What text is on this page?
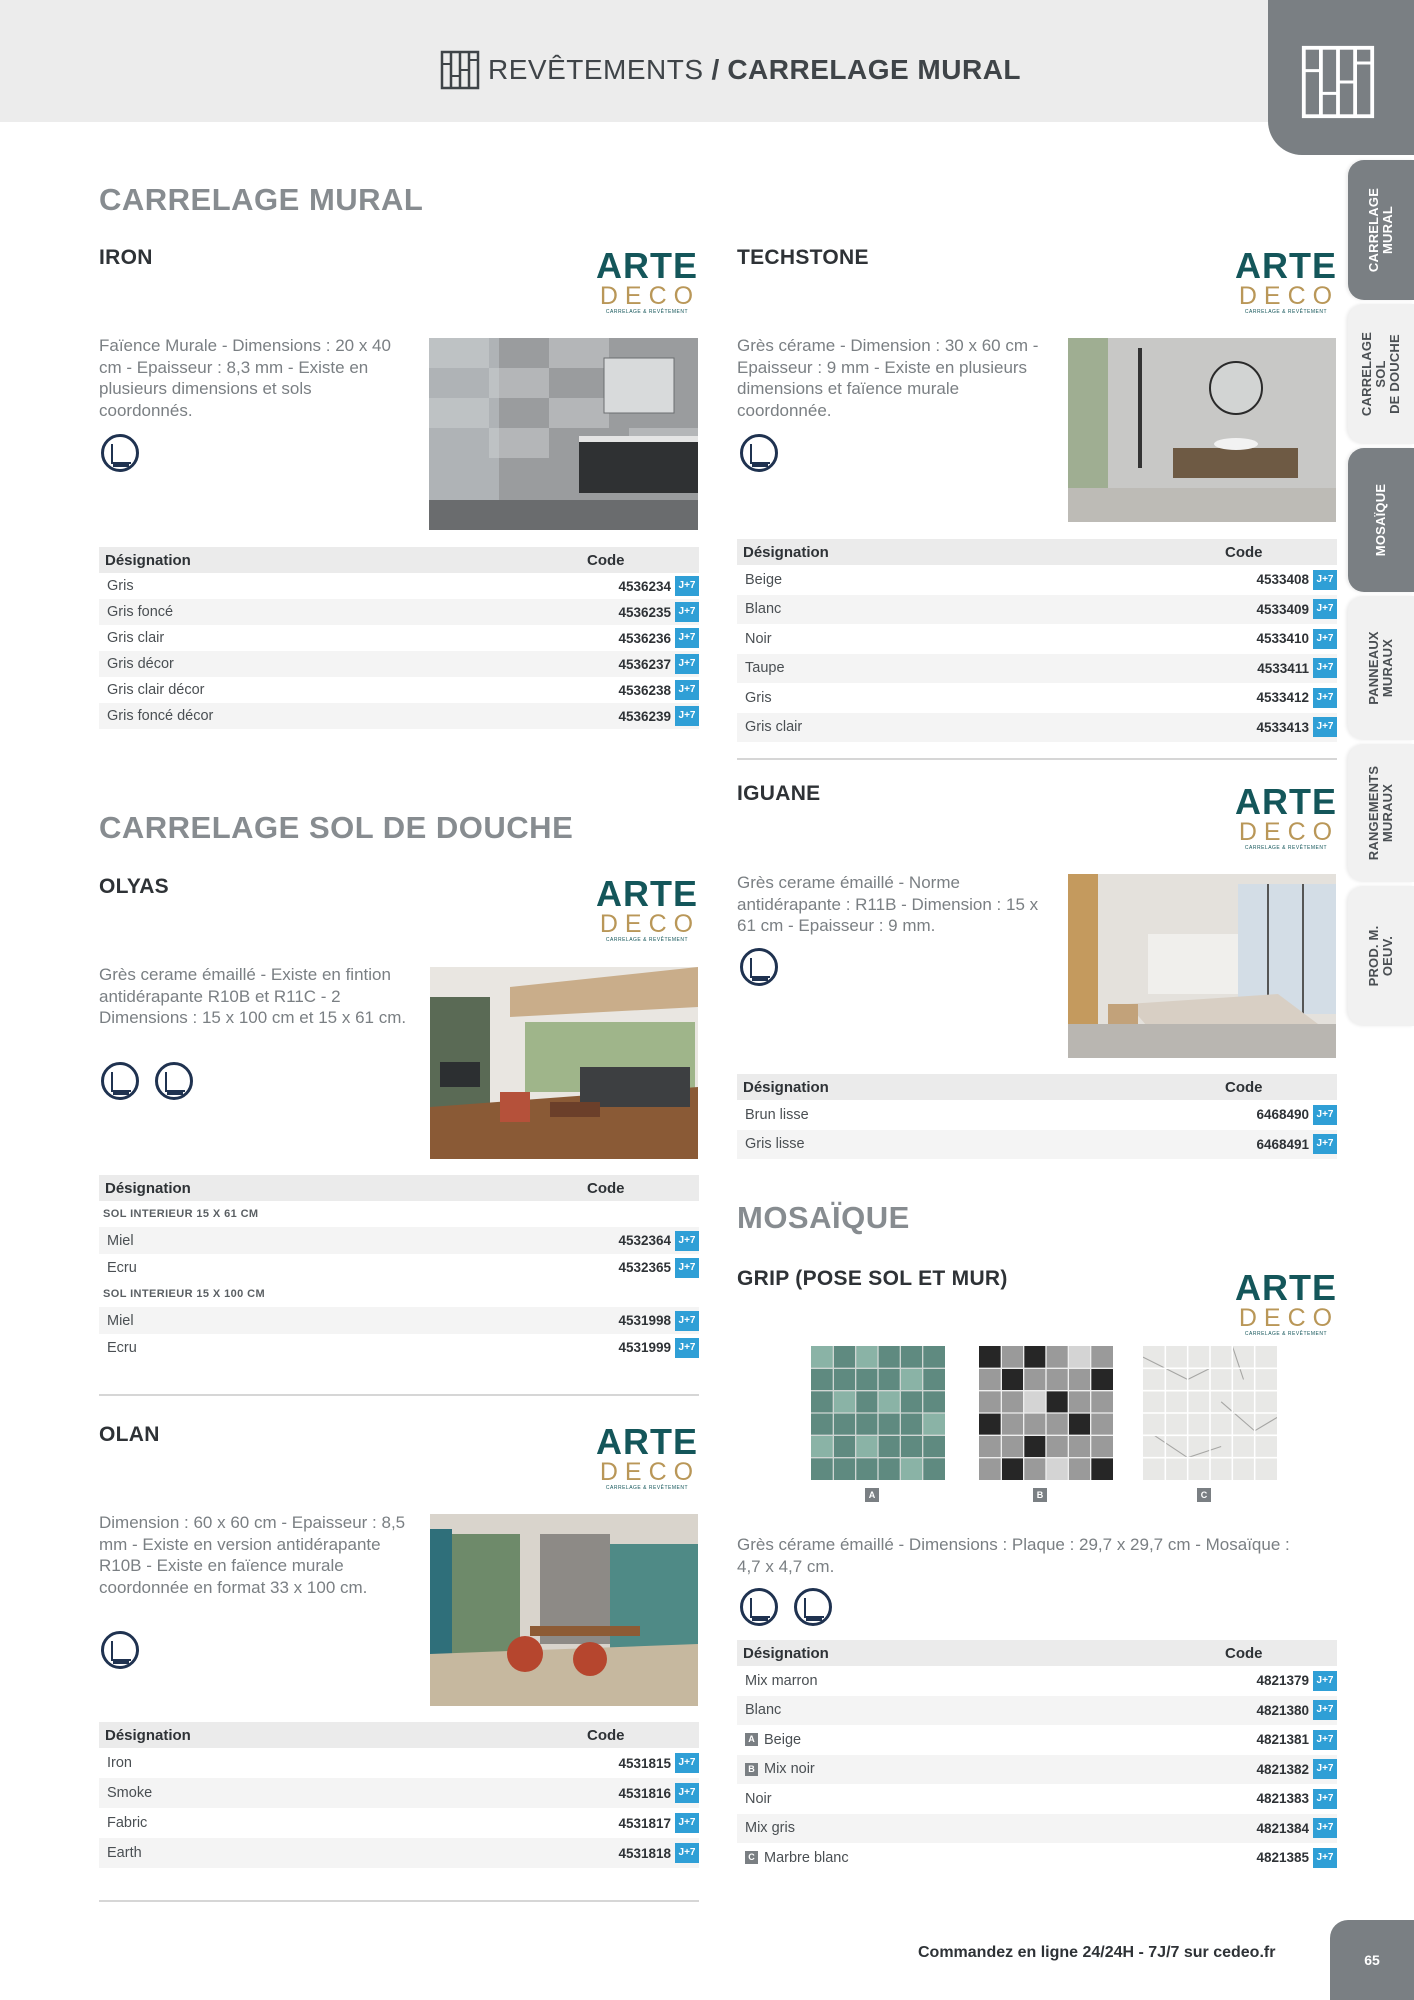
REVÊTEMENTS / CARRELAGE MURAL
CARRELAGE
MURAL
CARRELAGE SOL
DE DOUCHE
MOSAÏQUE
PANNEAUX
MURAUX
RANGEMENTS
MURAUX
PROD. M. OEUV.
CARRELAGE MURAL
IRON	ARTE
DECO
CARRELAGE & REVÊTEMENT
Faïence Murale - Dimensions : 20 x 40 cm - Epaisseur : 8,3 mm - Existe en plusieurs dimensions et sols coordonnés.
Désignation	Code
Gris	4536234 J+7
Gris foncé	4536235 J+7
Gris clair	4536236 J+7
Gris décor	4536237 J+7
Gris clair décor	4536238 J+7
Gris foncé décor	4536239 J+7
CARRELAGE SOL DE DOUCHE
OLYAS	ARTE
DECO
CARRELAGE & REVÊTEMENT
Grès cerame émaillé - Existe en fintion antidérapante R10B et R11C - 2 Dimensions : 15 x 100 cm et 15 x 61 cm.
Désignation	Code
SOL INTERIEUR 15 X 61 CM
Miel	4532364 J+7
Ecru	4532365 J+7
SOL INTERIEUR 15 X 100 CM
Miel	4531998 J+7
Ecru	4531999 J+7
OLAN	ARTE
DECO
CARRELAGE & REVÊTEMENT
Dimension : 60 x 60 cm - Epaisseur : 8,5 mm - Existe en version antidérapante R10B - Existe en faïence murale coordonnée en format 33 x 100 cm.
Désignation	Code
Iron	4531815 J+7
Smoke	4531816 J+7
Fabric	4531817 J+7
Earth	4531818 J+7
TECHSTONE	ARTE
DECO
CARRELAGE & REVÊTEMENT
Grès cérame - Dimension : 30 x 60 cm - Epaisseur : 9 mm - Existe en plusieurs dimensions et faïence murale coordonnée.
Désignation	Code
Beige	4533408 J+7
Blanc	4533409 J+7
Noir	4533410 J+7
Taupe	4533411 J+7
Gris	4533412 J+7
Gris clair	4533413 J+7
IGUANE	ARTE
DECO
CARRELAGE & REVÊTEMENT
Grès cerame émaillé - Norme antidérapante : R11B - Dimension : 15 x 61 cm - Epaisseur : 9 mm.
Désignation	Code
Brun lisse	6468490 J+7
Gris lisse	6468491 J+7
MOSAÏQUE
GRIP (POSE SOL ET MUR)	ARTE
DECO
CARRELAGE & REVÊTEMENT
A	B	C
Grès cérame émaillé - Dimensions : Plaque : 29,7 x 29,7 cm - Mosaïque : 4,7 x 4,7 cm.
Désignation	Code
Mix marron	4821379 J+7
Blanc	4821380 J+7
A Beige	4821381 J+7
B Mix noir	4821382 J+7
Noir	4821383 J+7
Mix gris	4821384 J+7
C Marbre blanc	4821385 J+7
Commandez en ligne 24/24H - 7J/7 sur cedeo.fr	65
